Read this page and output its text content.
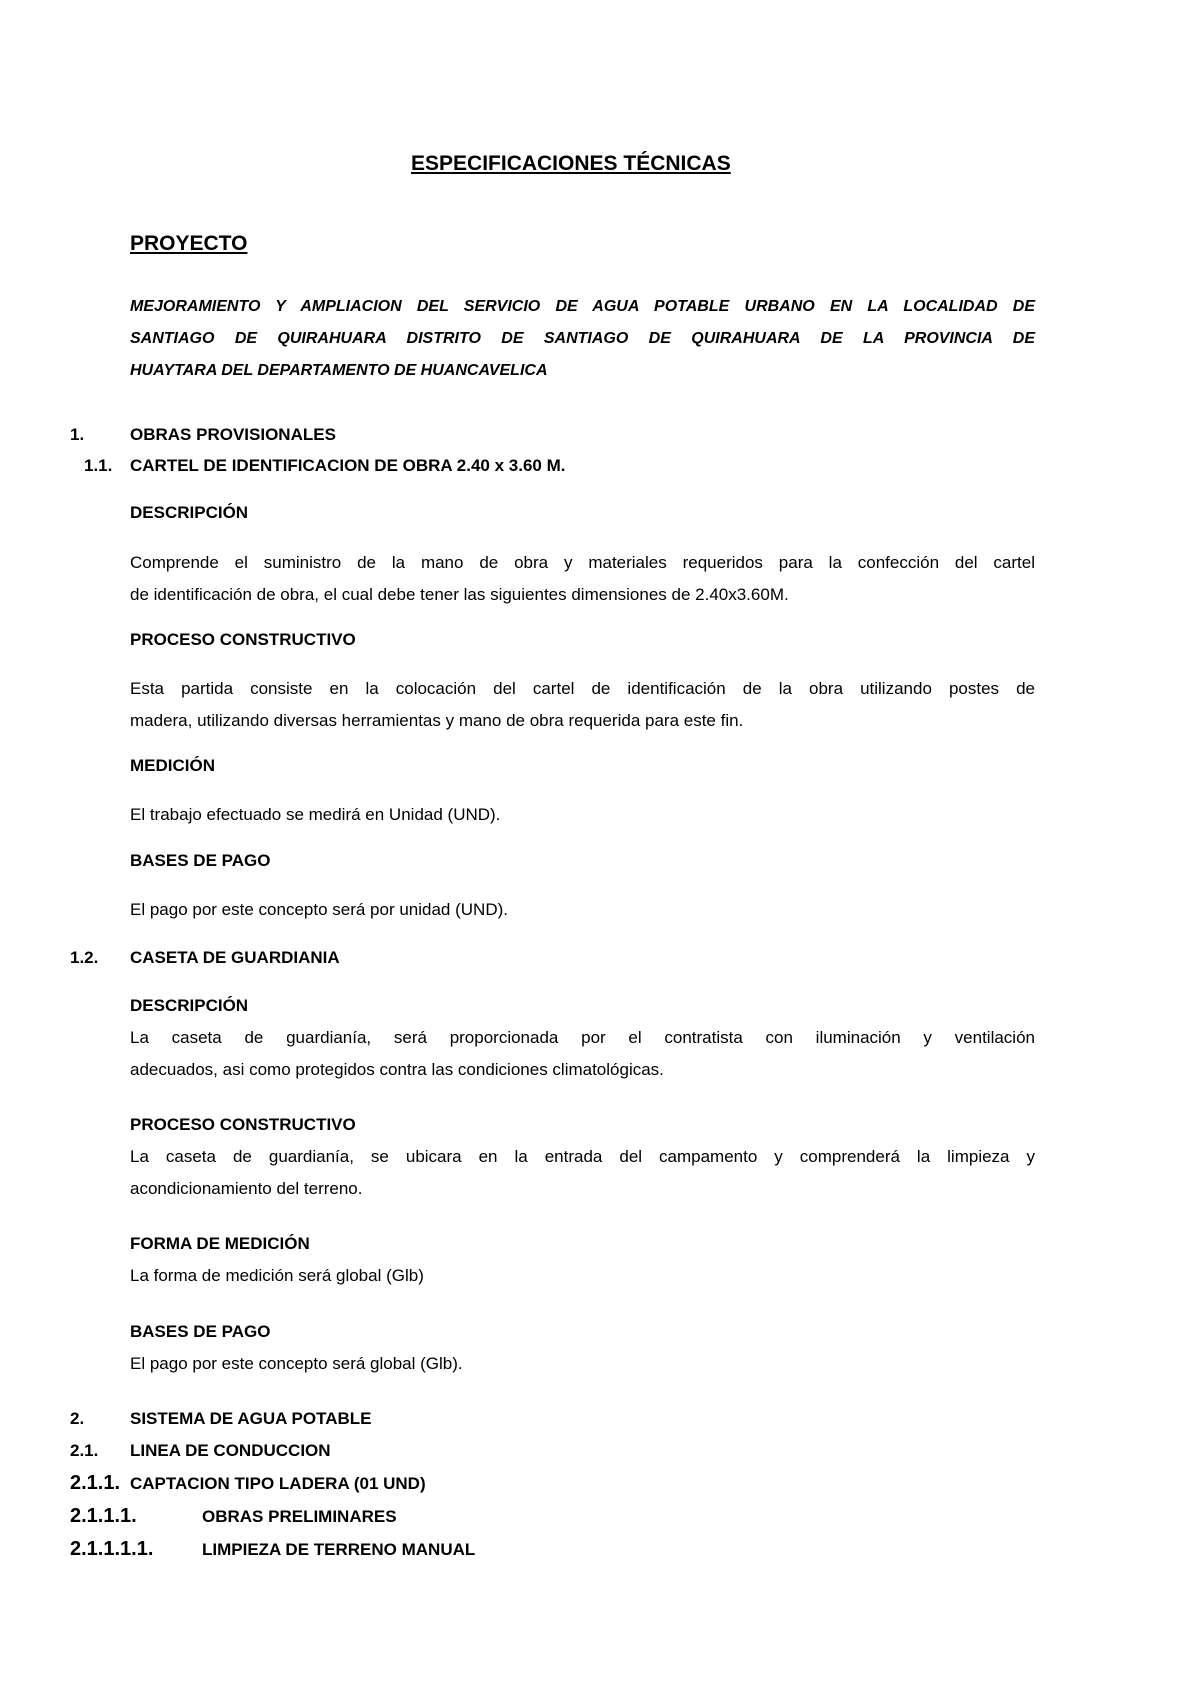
ESPECIFICACIONES TÉCNICAS
PROYECTO
MEJORAMIENTO Y AMPLIACION DEL SERVICIO DE AGUA POTABLE URBANO EN LA LOCALIDAD DE
SANTIAGO DE QUIRAHUARA DISTRITO DE SANTIAGO DE QUIRAHUARA DE LA PROVINCIA DE
HUAYTARA DEL DEPARTAMENTO DE HUANCAVELICA
1.	OBRAS PROVISIONALES
1.1. CARTEL DE IDENTIFICACION DE OBRA 2.40 x 3.60 M.
DESCRIPCIÓN
Comprende el suministro de la mano de obra y materiales requeridos para la confección del cartel
de identificación de obra, el cual debe tener las siguientes dimensiones de 2.40x3.60M.
PROCESO CONSTRUCTIVO
Esta partida consiste en la colocación del cartel de identificación de la obra utilizando postes de
madera, utilizando diversas herramientas y mano de obra requerida para este fin.
MEDICIÓN
El trabajo efectuado se medirá en Unidad (UND).
BASES DE PAGO
El pago por este concepto será por unidad (UND).
1.2. CASETA DE GUARDIANIA
DESCRIPCIÓN
La caseta de guardianía, será proporcionada por el contratista con iluminación y ventilación
adecuados, asi como protegidos contra las condiciones climatológicas.
PROCESO CONSTRUCTIVO
La caseta de guardianía, se ubicara en la entrada del campamento y comprenderá la limpieza y
acondicionamiento del terreno.
FORMA DE MEDICIÓN
La forma de medición será global (Glb)
BASES DE PAGO
El pago por este concepto será global (Glb).
2.	SISTEMA DE AGUA POTABLE
2.1. LINEA DE CONDUCCION
2.1.1. CAPTACION TIPO LADERA (01 UND)
2.1.1.1.	OBRAS PRELIMINARES
2.1.1.1.1.	LIMPIEZA DE TERRENO MANUAL
